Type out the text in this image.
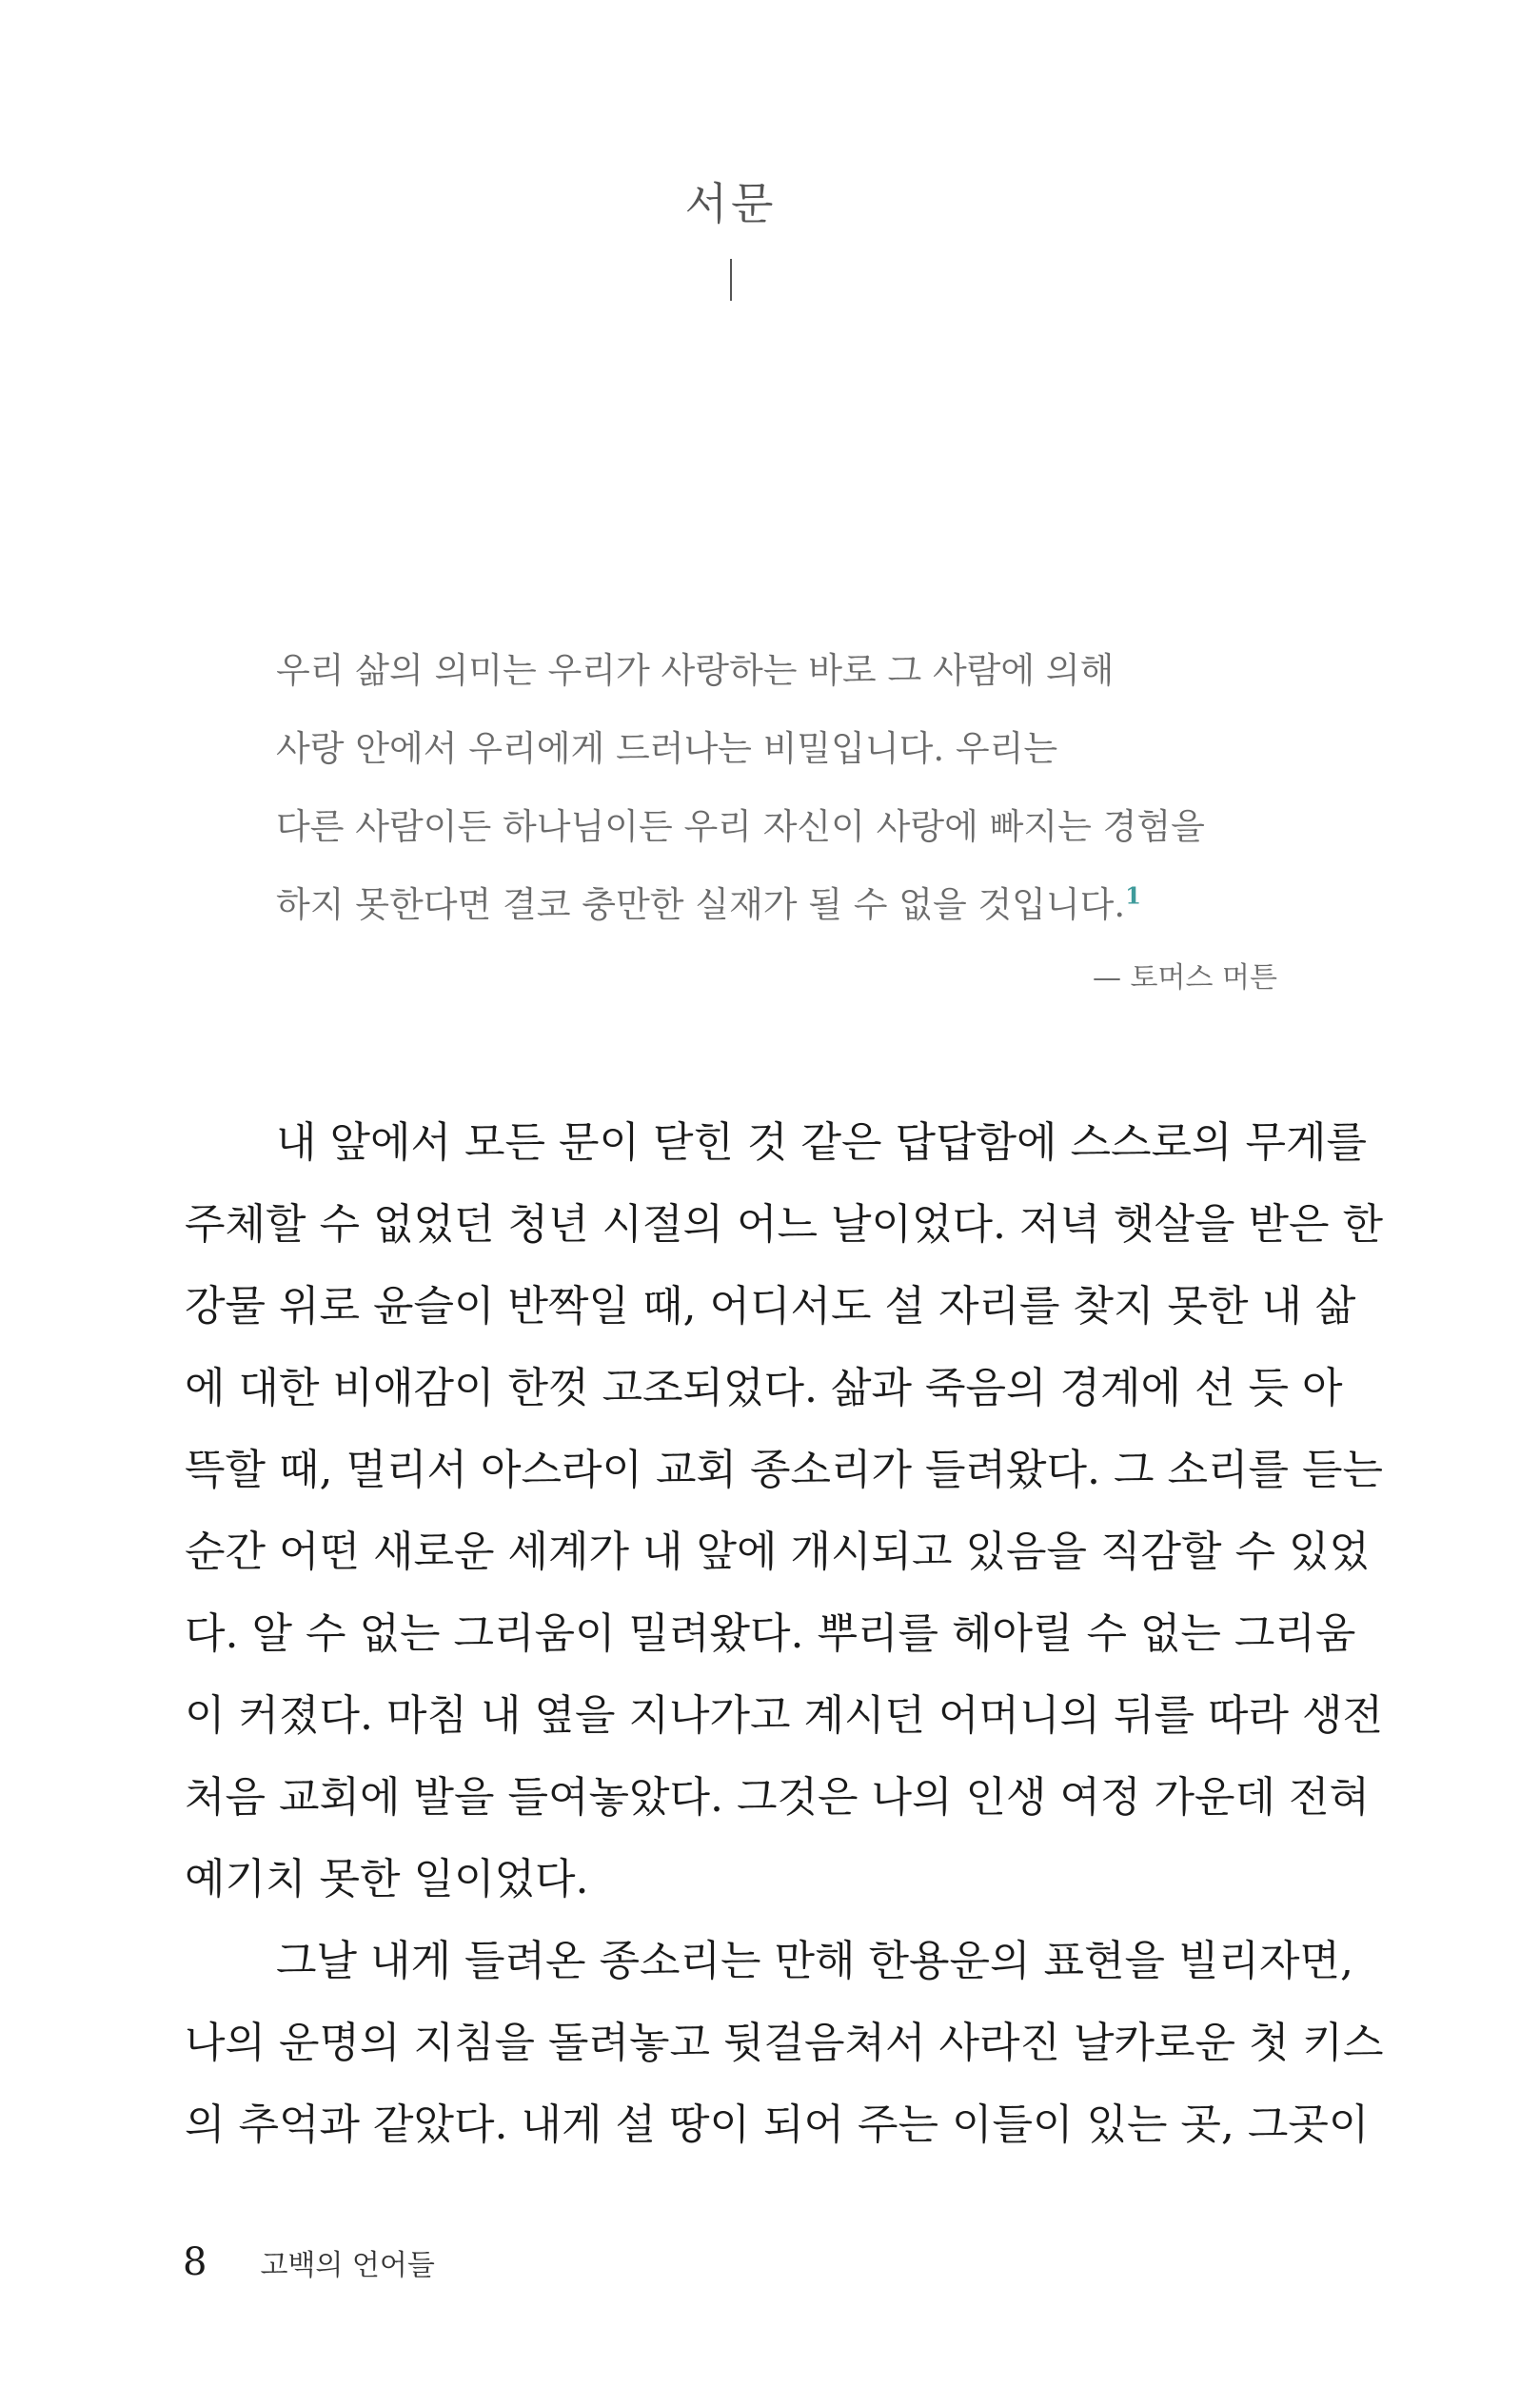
서문
우리 삶의 의미는 우리가 사랑하는 바로 그 사람에 의해
사랑 안에서 우리에게 드러나는 비밀입니다. 우리는
다른 사람이든 하나님이든 우리 자신이 사랑에 빠지는 경험을
하지 못한다면 결코 충만한 실재가 될 수 없을 것입니다.$^1$
— 토머스 머튼
내 앞에서 모든 문이 닫힌 것 같은 답답함에 스스로의 무게를
주체할 수 없었던 청년 시절의 어느 날이었다. 저녁 햇살을 받은 한
강물 위로 윤슬이 반짝일 때, 어디서도 설 자리를 찾지 못한 내 삶
에 대한 비애감이 한껏 고조되었다. 삶과 죽음의 경계에 선 듯 아
뜩할 때, 멀리서 아스라이 교회 종소리가 들려왔다. 그 소리를 듣는
순간 어떤 새로운 세계가 내 앞에 개시되고 있음을 직감할 수 있었
다. 알 수 없는 그리움이 밀려왔다. 뿌리를 헤아릴 수 없는 그리움
이 커졌다. 마침 내 옆을 지나가고 계시던 어머니의 뒤를 따라 생전
처음 교회에 발을 들여놓았다. 그것은 나의 인생 여정 가운데 전혀
예기치 못한 일이었다.
그날 내게 들려온 종소리는 만해 한용운의 표현을 빌리자면,
나의 운명의 지침을 돌려놓고 뒷걸음쳐서 사라진 날카로운 첫 키스
의 추억과 같았다. 내게 설 땅이 되어 주는 이들이 있는 곳, 그곳이
8 고백의 언어들
